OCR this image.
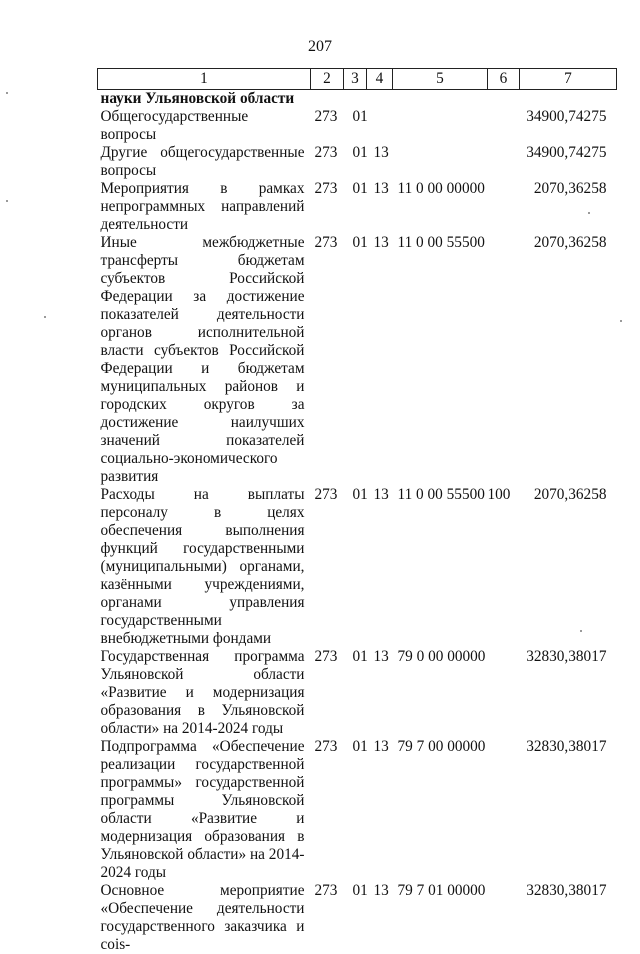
207
1	2	3	4	5	6	7
науки Ульяновской области						
Общегосударственные вопросы	273	01				34900,74275
Другие общегосударственные вопросы	273	01	13			34900,74275
Мероприятия в рамках непрограммных направлений деятельности	273	01	13	11 0 00 00000		2070,36258
Иные межбюджетные трансферты бюджетам субъектов Российской Федерации за достижение показателей деятельности органов исполнительной власти субъектов Российской Федерации и бюджетам муниципальных районов и городских округов за достижение наилучших значений показателей социально-экономического развития	273	01	13	11 0 00 55500		2070,36258
Расходы на выплаты персоналу в целях обеспечения выполнения функций государственными (муниципальными) органами, казёнными учреждениями, органами управления государственными внебюджетными фондами	273	01	13	11 0 00 55500	100	2070,36258
Государственная программа Ульяновской области «Развитие и модернизация образования в Ульяновской области» на 2014-2024 годы	273	01	13	79 0 00 00000		32830,38017
Подпрограмма «Обеспечение реализации государственной программы» государственной программы Ульяновской области «Развитие и модернизация образования в Ульяновской области» на 2014-2024 годы	273	01	13	79 7 00 00000		32830,38017
Основное мероприятие «Обеспечение деятельности государственного заказчика и сois-	273	01	13	79 7 01 00000		32830,38017
